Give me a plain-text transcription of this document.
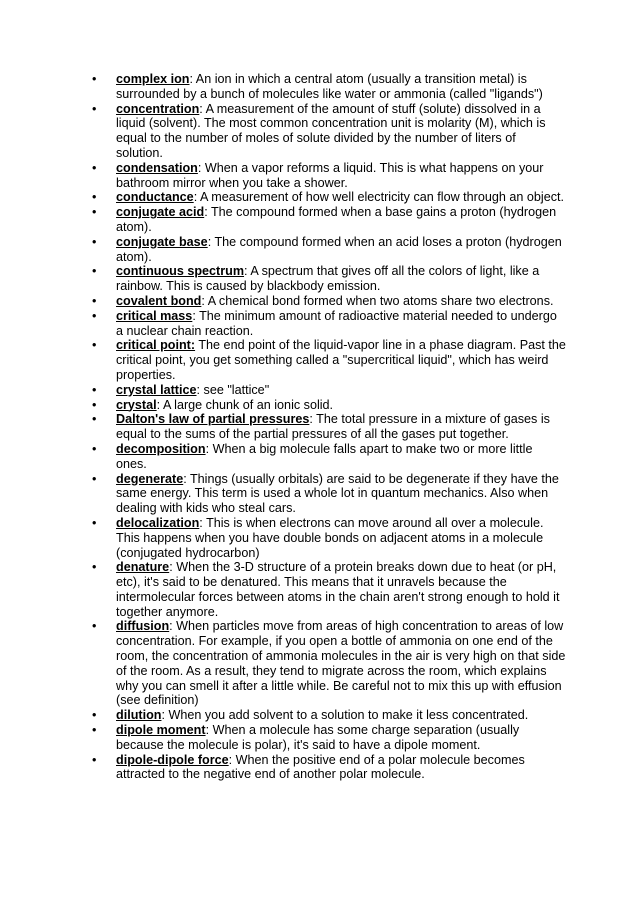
• complex ion: An ion in which a central atom (usually a transition metal) is surrounded by a bunch of molecules like water or ammonia (called "ligands")
• concentration: A measurement of the amount of stuff (solute) dissolved in a liquid (solvent). The most common concentration unit is molarity (M), which is equal to the number of moles of solute divided by the number of liters of solution.
• condensation: When a vapor reforms a liquid. This is what happens on your bathroom mirror when you take a shower.
• conductance: A measurement of how well electricity can flow through an object.
• conjugate acid: The compound formed when a base gains a proton (hydrogen atom).
• conjugate base: The compound formed when an acid loses a proton (hydrogen atom).
• continuous spectrum: A spectrum that gives off all the colors of light, like a rainbow. This is caused by blackbody emission.
• covalent bond: A chemical bond formed when two atoms share two electrons.
• critical mass: The minimum amount of radioactive material needed to undergo a nuclear chain reaction.
• critical point: The end point of the liquid-vapor line in a phase diagram. Past the critical point, you get something called a "supercritical liquid", which has weird properties.
• crystal lattice: see "lattice"
• crystal: A large chunk of an ionic solid.
• Dalton's law of partial pressures: The total pressure in a mixture of gases is equal to the sums of the partial pressures of all the gases put together.
• decomposition: When a big molecule falls apart to make two or more little ones.
• degenerate: Things (usually orbitals) are said to be degenerate if they have the same energy. This term is used a whole lot in quantum mechanics. Also when dealing with kids who steal cars.
• delocalization: This is when electrons can move around all over a molecule. This happens when you have double bonds on adjacent atoms in a molecule (conjugated hydrocarbon)
• denature: When the 3-D structure of a protein breaks down due to heat (or pH, etc), it's said to be denatured. This means that it unravels because the intermolecular forces between atoms in the chain aren't strong enough to hold it together anymore.
• diffusion: When particles move from areas of high concentration to areas of low concentration. For example, if you open a bottle of ammonia on one end of the room, the concentration of ammonia molecules in the air is very high on that side of the room. As a result, they tend to migrate across the room, which explains why you can smell it after a little while. Be careful not to mix this up with effusion (see definition)
• dilution: When you add solvent to a solution to make it less concentrated.
• dipole moment: When a molecule has some charge separation (usually because the molecule is polar), it's said to have a dipole moment.
• dipole-dipole force: When the positive end of a polar molecule becomes attracted to the negative end of another polar molecule.
